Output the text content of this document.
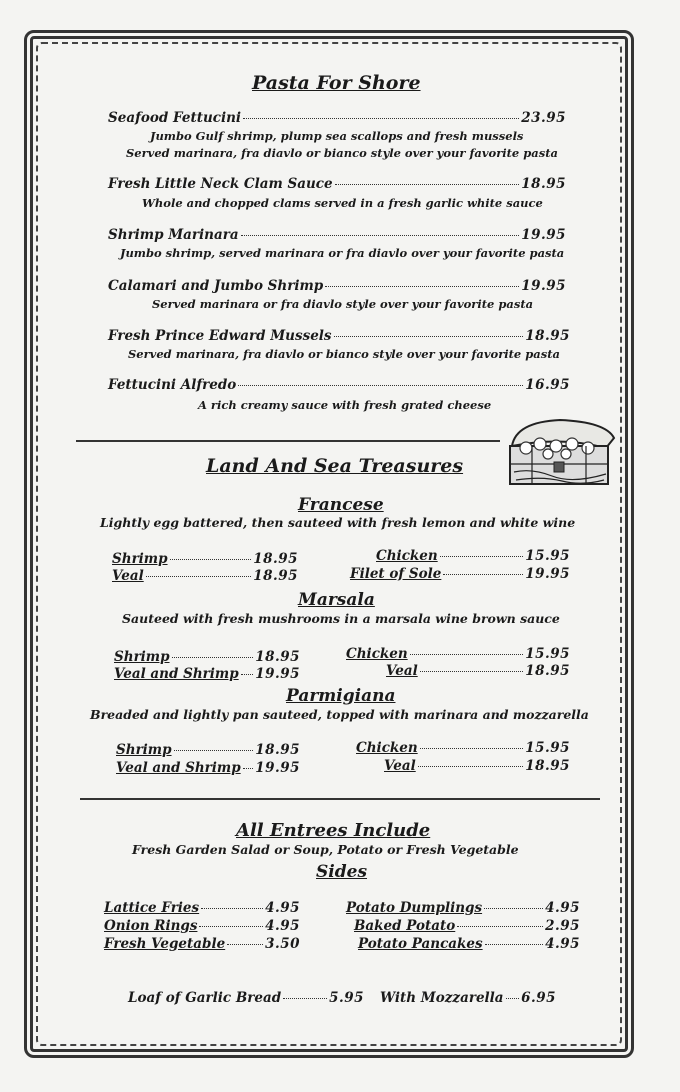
Pasta For Shore
Seafood Fettucini	23.95
Jumbo Gulf shrimp, plump sea scallops and fresh mussels
Served marinara, fra diavlo or bianco style over your favorite pasta
Fresh Little Neck Clam Sauce	18.95
Whole and chopped clams served in a fresh garlic white sauce
Shrimp Marinara	19.95
Jumbo shrimp, served marinara or fra diavlo over your favorite pasta
Calamari and Jumbo Shrimp	19.95
Served marinara or fra diavlo style over your favorite pasta
Fresh Prince Edward Mussels	18.95
Served marinara, fra diavlo or bianco style over your favorite pasta
Fettucini Alfredo	16.95
A rich creamy sauce with fresh grated cheese
Land And Sea Treasures
Francese
Lightly egg battered, then sauteed with fresh lemon and white wine
Shrimp	18.95
Veal	18.95
Chicken	15.95
Filet of Sole	19.95
Marsala
Sauteed with fresh mushrooms in a marsala wine brown sauce
Shrimp	18.95
Veal and Shrimp 19.95
Chicken	15.95
Veal	18.95
Parmigiana
Breaded and lightly pan sauteed, topped with marinara and mozzarella
Shrimp	18.95
Veal and Shrimp 19.95
Chicken	15.95
Veal	18.95
All Entrees Include
Fresh Garden Salad or Soup, Potato or Fresh Vegetable
Sides
Lattice Fries	4.95
Onion Rings	4.95
Fresh Vegetable	3.50
Potato Dumplings	4.95
Baked Potato	2.95
Potato Pancakes	4.95
Loaf of Garlic Bread	5.95 With Mozzarella 6.95
